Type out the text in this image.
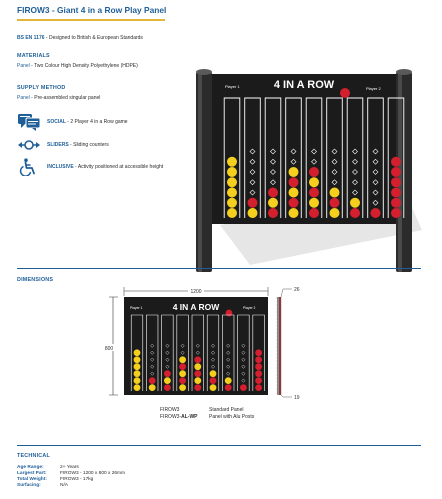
FIROW3 - Giant 4 in a Row Play Panel
BS EN 1176 - Designed to British & European Standards
MATERIALS
Panel - Two Colour High Density Polyethylene (HDPE)
SUPPLY METHOD
Panel - Pre-assembled singular panel
SOCIAL - 2 Player 4 in a Row game
SLIDERS - Sliding counters
INCLUSIVE - Activity positioned at accessible height
4 IN A ROW
Player 1	Player 2
DIMENSIONS
1200
800
4 IN A ROW
Player 1	Player 2
26
19
FIROW3	Standard Panel
FIROW3-AL-WP	Panel with Alu Posts
TECHNICAL
Age Range:	2+ Years
Largest Part:	FIROW3 - 1200 x 800 x 26mm
Total Weight:	FIROW3 - 17kg
Surfacing:	N/A
